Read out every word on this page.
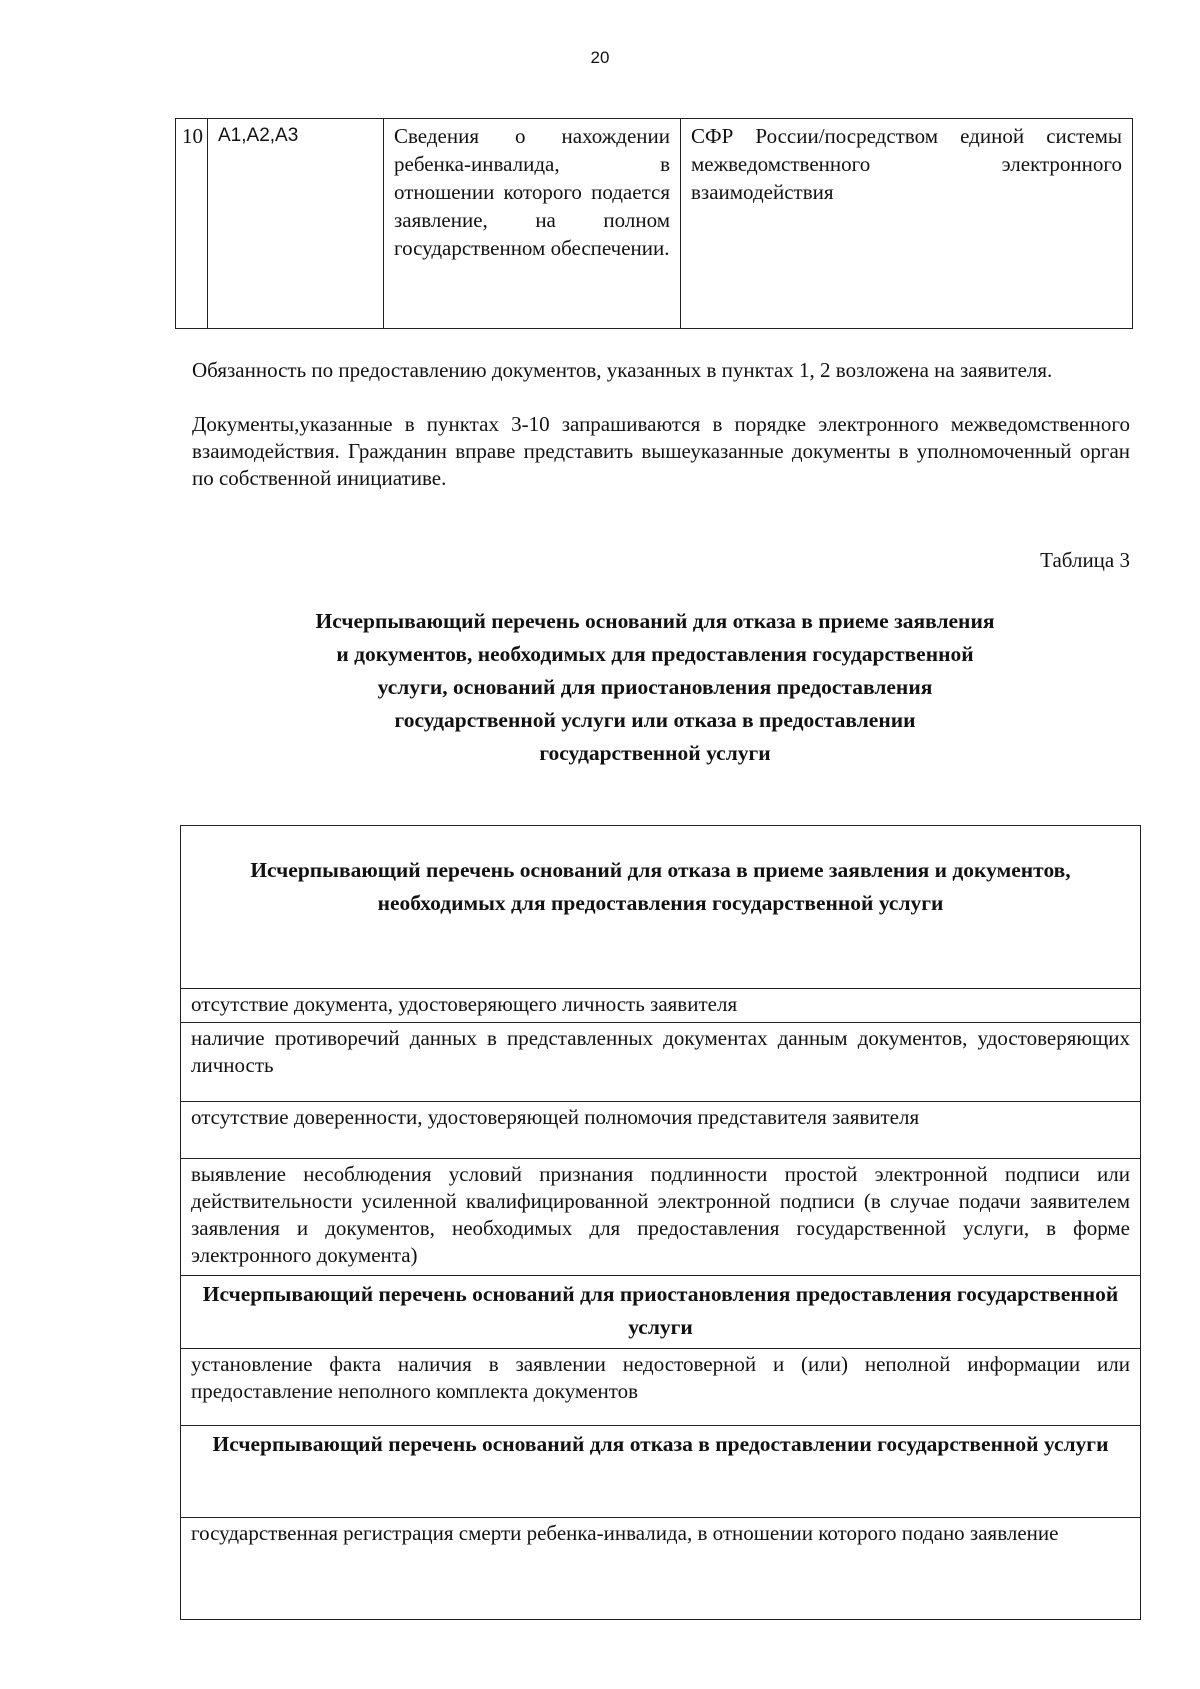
20
10	А1,А2,А3	Сведения о нахождении ребенка-инвалида, в отношении которого подается заявление, на полном государственном обеспечении.	СФР России/посредством единой системы межведомственного электронного взаимодействия
Обязанность по предоставлению документов, указанных в пунктах 1, 2 возложена на заявителя.
Документы,указанные в пунктах 3-10 запрашиваются в порядке электронного межведомственного взаимодействия. Гражданин вправе представить вышеуказанные документы в уполномоченный орган по собственной инициативе.
Таблица 3
Исчерпывающий перечень оснований для отказа в приеме заявления
и документов, необходимых для предоставления государственной
услуги, оснований для приостановления предоставления
государственной услуги или отказа в предоставлении
государственной услуги
Исчерпывающий перечень оснований для отказа в приеме заявления и документов, необходимых для предоставления государственной услуги
отсутствие документа, удостоверяющего личность заявителя
наличие противоречий данных в представленных документах данным документов, удостоверяющих личность
отсутствие доверенности, удостоверяющей полномочия представителя заявителя
выявление несоблюдения условий признания подлинности простой электронной подписи или действительности усиленной квалифицированной электронной подписи (в случае подачи заявителем заявления и документов, необходимых для предоставления государственной услуги, в форме электронного документа)
Исчерпывающий перечень оснований для приостановления предоставления государственной услуги
установление факта наличия в заявлении недостоверной и (или) неполной информации или предоставление неполного комплекта документов
Исчерпывающий перечень оснований для отказа в предоставлении государственной услуги
государственная регистрация смерти ребенка-инвалида, в отношении которого подано заявление
